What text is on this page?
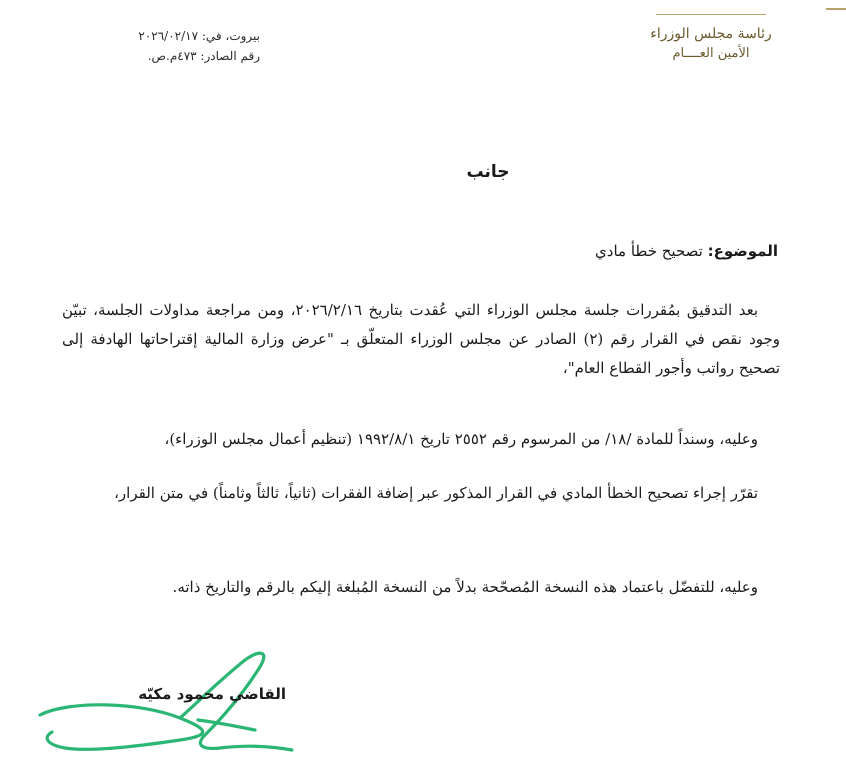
رئاسة مجلس الوزراء
الأمين العــــام
بيروت، في: ٢٠٢٦/٠٢/١٧
رقم الصادر: ٤٧٣م.ص.
جانب
الموضوع: تصحيح خطأ مادي
بعد التدقيق بمُقررات جلسة مجلس الوزراء التي عُقدت بتاريخ ٢٠٢٦/٢/١٦، ومن مراجعة مداولات الجلسة، تبيّن وجود نقص في القرار رقم (٢) الصادر عن مجلس الوزراء المتعلّق بـ "عرض وزارة المالية إقتراحاتها الهادفة إلى تصحيح رواتب وأجور القطاع العام"،
وعليه، وسنداً للمادة /١٨/ من المرسوم رقم ٢٥٥٢ تاريخ ١٩٩٢/٨/١ (تنظيم أعمال مجلس الوزراء)،
تقرّر إجراء تصحيح الخطأ المادي في القرار المذكور عبر إضافة الفقرات (ثانياً، ثالثاً وثامناً) في متن القرار،
وعليه، للتفضّل باعتماد هذه النسخة المُصحّحة بدلاً من النسخة المُبلغة إليكم بالرقم والتاريخ ذاته.
القاضي محمود مكيّه
